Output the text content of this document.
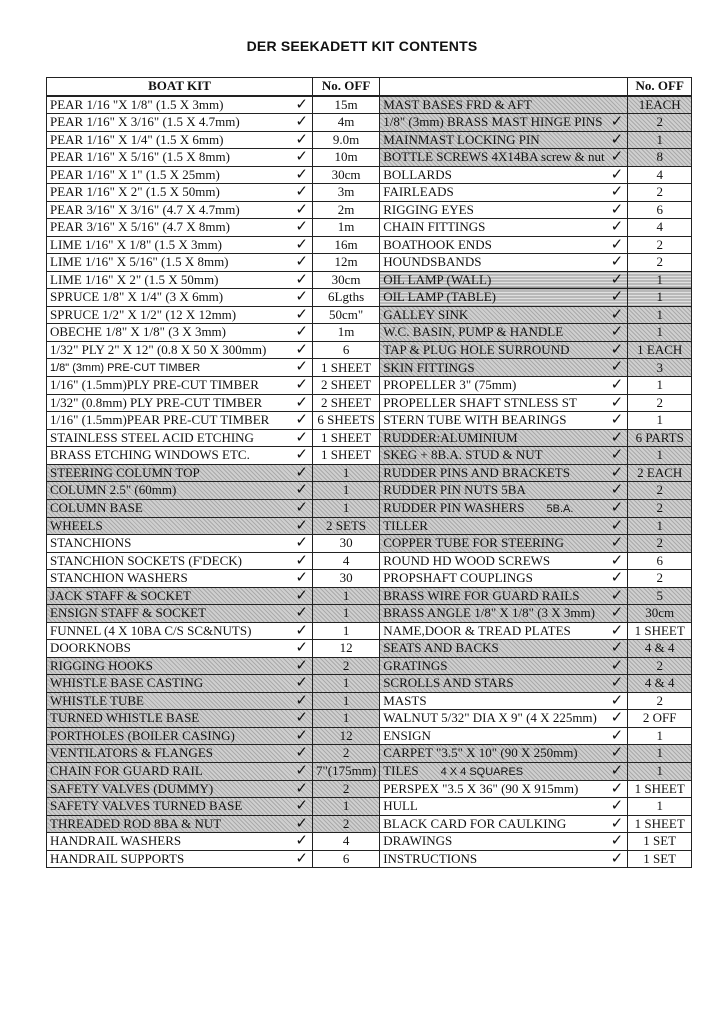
DER SEEKADETT KIT CONTENTS
BOAT KIT	No. OFF		No. OFF
PEAR 1/16 "X 1/8" (1.5 X 3mm) ✓	15m	MAST BASES FRD & AFT	1EACH
PEAR 1/16" X 3/16" (1.5 X 4.7mm) ✓	4m	1/8" (3mm) BRASS MAST HINGE PINS ✓	2
PEAR 1/16" X 1/4" (1.5 X 6mm) ✓	9.0m	MAINMAST LOCKING PIN ✓	1
PEAR 1/16" X 5/16" (1.5 X 8mm) ✓	10m	BOTTLE SCREWS 4X14BA screw & nut ✓	8
PEAR 1/16" X 1" (1.5 X 25mm) ✓	30cm	BOLLARDS ✓	4
PEAR 1/16" X 2" (1.5 X 50mm) ✓	3m	FAIRLEADS ✓	2
PEAR 3/16" X 3/16" (4.7 X 4.7mm) ✓	2m	RIGGING EYES ✓	6
PEAR 3/16" X 5/16" (4.7 X 8mm) ✓	1m	CHAIN FITTINGS ✓	4
LIME 1/16" X 1/8" (1.5 X 3mm) ✓	16m	BOATHOOK ENDS ✓	2
LIME 1/16" X 5/16" (1.5 X 8mm) ✓	12m	HOUNDSBANDS ✓	2
LIME 1/16" X 2" (1.5 X 50mm) ✓	30cm	OIL LAMP (WALL) ✓	1
SPRUCE 1/8" X 1/4" (3 X 6mm) ✓	6Lgths	OIL LAMP (TABLE) ✓	1
SPRUCE 1/2" X 1/2" (12 X 12mm) ✓	50cm"	GALLEY SINK ✓	1
OBECHE 1/8" X 1/8" (3 X 3mm) ✓	1m	W.C. BASIN, PUMP & HANDLE ✓	1
1/32" PLY 2" X 12" (0.8 X 50 X 300mm) ✓	6	TAP & PLUG HOLE SURROUND ✓	1 EACH
1/8" (3mm) PRE-CUT TIMBER ✓	1 SHEET	SKIN FITTINGS ✓	3
1/16" (1.5mm)PLY PRE-CUT TIMBER ✓	2 SHEET	PROPELLER 3" (75mm) ✓	1
1/32" (0.8mm) PLY PRE-CUT TIMBER ✓	2 SHEET	PROPELLER SHAFT STNLESS ST ✓	2
1/16" (1.5mm)PEAR PRE-CUT TIMBER ✓	6 SHEETS	STERN TUBE WITH BEARINGS ✓	1
STAINLESS STEEL ACID ETCHING ✓	1 SHEET	RUDDER:ALUMINIUM ✓	6 PARTS
BRASS ETCHING WINDOWS ETC. ✓	1 SHEET	SKEG + 8B.A. STUD & NUT ✓	1
STEERING COLUMN TOP ✓	1	RUDDER PINS AND BRACKETS ✓	2 EACH
COLUMN 2.5" (60mm) ✓	1	RUDDER PIN NUTS 5BA ✓	2
COLUMN BASE ✓	1	RUDDER PIN WASHERS 5B.A. ✓	2
WHEELS ✓	2 SETS	TILLER ✓	1
STANCHIONS ✓	30	COPPER TUBE FOR STEERING ✓	2
STANCHION SOCKETS (F'DECK) ✓	4	ROUND HD WOOD SCREWS ✓	6
STANCHION WASHERS ✓	30	PROPSHAFT COUPLINGS ✓	2
JACK STAFF & SOCKET ✓	1	BRASS WIRE FOR GUARD RAILS ✓	5
ENSIGN STAFF & SOCKET ✓	1	BRASS ANGLE 1/8" X 1/8" (3 X 3mm) ✓	30cm
FUNNEL (4 X 10BA C/S SC&NUTS) ✓	1	NAME,DOOR & TREAD PLATES ✓	1 SHEET
DOORKNOBS ✓	12	SEATS AND BACKS ✓	4 & 4
RIGGING HOOKS ✓	2	GRATINGS ✓	2
WHISTLE BASE CASTING ✓	1	SCROLLS AND STARS ✓	4 & 4
WHISTLE TUBE ✓	1	MASTS ✓	2
TURNED WHISTLE BASE ✓	1	WALNUT 5/32" DIA X 9" (4 X 225mm) ✓	2 OFF
PORTHOLES (BOILER CASING) ✓	12	ENSIGN ✓	1
VENTILATORS & FLANGES ✓	2	CARPET "3.5" X 10" (90 X 250mm) ✓	1
CHAIN FOR GUARD RAIL ✓	7"(175mm)	TILES 4 X 4 SQUARES ✓	1
SAFETY VALVES (DUMMY) ✓	2	PERSPEX "3.5 X 36" (90 X 915mm) ✓	1 SHEET
SAFETY VALVES TURNED BASE ✓	1	HULL ✓	1
THREADED ROD 8BA & NUT ✓	2	BLACK CARD FOR CAULKING ✓	1 SHEET
HANDRAIL WASHERS ✓	4	DRAWINGS ✓	1 SET
HANDRAIL SUPPORTS ✓	6	INSTRUCTIONS ✓	1 SET
